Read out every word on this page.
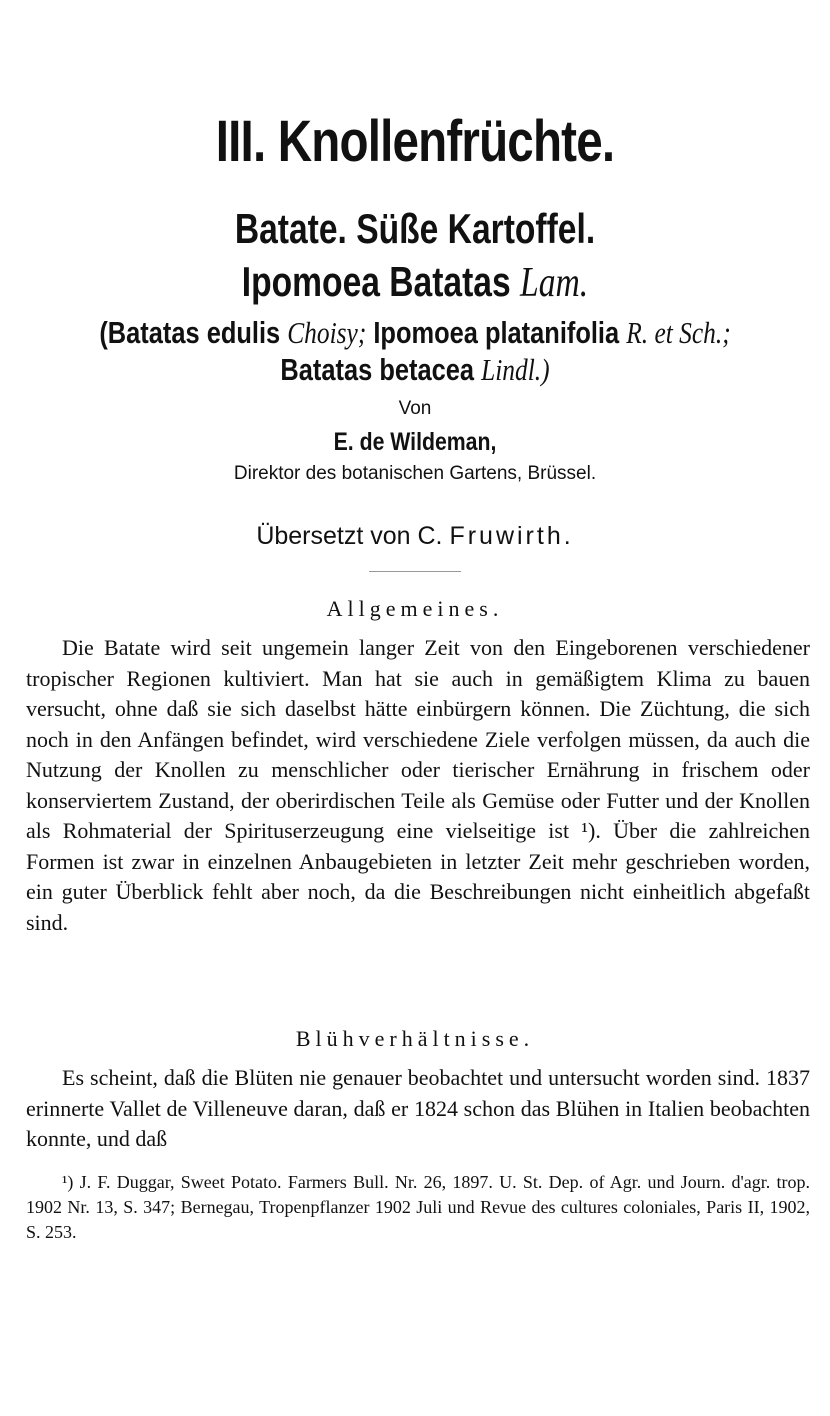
III. Knollenfrüchte.
Batate. Süße Kartoffel.
Ipomoea Batatas Lam.
(Batatas edulis Choisy; Ipomoea platanifolia R. et Sch.;
Batatas betacea Lindl.)
Von
E. de Wildeman,
Direktor des botanischen Gartens, Brüssel.
Übersetzt von C. Fruwirth.
Allgemeines.

Die Batate wird seit ungemein langer Zeit von den Eingeborenen verschiedener tropischer Regionen kultiviert. Man hat sie auch in gemäßigtem Klima zu bauen versucht, ohne daß sie sich daselbst hätte einbürgern können. Die Züchtung, die sich noch in den Anfängen befindet, wird verschiedene Ziele verfolgen müssen, da auch die Nutzung der Knollen zu menschlicher oder tierischer Ernährung in frischem oder konserviertem Zustand, der oberirdischen Teile als Gemüse oder Futter und der Knollen als Rohmaterial der Spirituserzeugung eine vielseitige ist ¹). Über die zahlreichen Formen ist zwar in einzelnen Anbaugebieten in letzter Zeit mehr geschrieben worden, ein guter Überblick fehlt aber noch, da die Beschreibungen nicht einheitlich abgefaßt sind.

Blühverhältnisse.

Es scheint, daß die Blüten nie genauer beobachtet und untersucht worden sind. 1837 erinnerte Vallet de Villeneuve daran, daß er 1824 schon das Blühen in Italien beobachten konnte, und daß

¹) J. F. Duggar, Sweet Potato. Farmers Bull. Nr. 26, 1897. U. St. Dep. of Agr. und Journ. d'agr. trop. 1902 Nr. 13, S. 347; Bernegau, Tropenpflanzer 1902 Juli und Revue des cultures coloniales, Paris II, 1902, S. 253.
